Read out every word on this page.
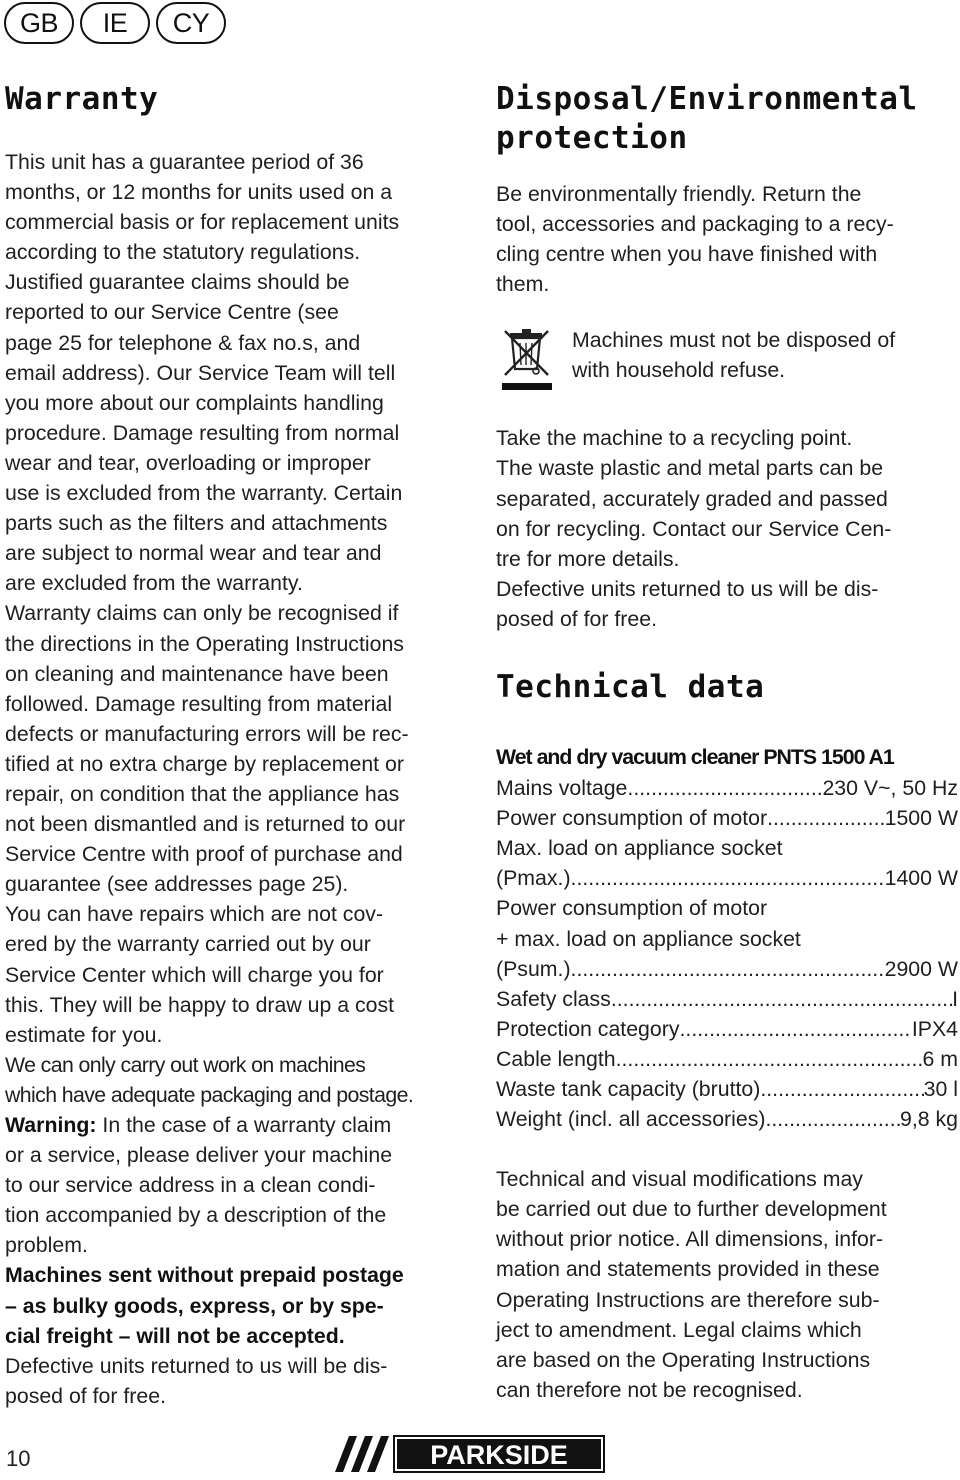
GB	IE	CY
Warranty
This unit has a guarantee period of 36
months, or 12 months for units used on a
commercial basis or for replacement units
according to the statutory regulations.
Justified guarantee claims should be
reported to our Service Centre (see
page 25 for telephone & fax no.s, and
email address). Our Service Team will tell
you more about our complaints handling
procedure. Damage resulting from normal
wear and tear, overloading or improper
use is excluded from the warranty. Certain
parts such as the filters and attachments
are subject to normal wear and tear and
are excluded from the warranty.
Warranty claims can only be recognised if
the directions in the Operating Instructions
on cleaning and maintenance have been
followed. Damage resulting from material
defects or manufacturing errors will be rec-
tified at no extra charge by replacement or
repair, on condition that the appliance has
not been dismantled and is returned to our
Service Centre with proof of purchase and
guarantee (see addresses page 25).
You can have repairs which are not cov-
ered by the warranty carried out by our
Service Center which will charge you for
this. They will be happy to draw up a cost
estimate for you.
We can only carry out work on machines
which have adequate packaging and postage.
Warning: In the case of a warranty claim
or a service, please deliver your machine
to our service address in a clean condi-
tion accompanied by a description of the
problem.
Machines sent without prepaid postage
– as bulky goods, express, or by spe-
cial freight – will not be accepted.
Defective units returned to us will be dis-
posed of for free.
Disposal/Environmental
protection
Be environmentally friendly. Return the
tool, accessories and packaging to a recy-
cling centre when you have finished with
them.
Machines must not be disposed of
with household refuse.
Take the machine to a recycling point.
The waste plastic and metal parts can be
separated, accurately graded and passed
on for recycling. Contact our Service Cen-
tre for more details.
Defective units returned to us will be dis-
posed of for free.
Technical data
Wet and dry vacuum cleaner PNTS 1500 A1
Mains voltage .....	230 V~, 50 Hz
Power consumption of motor .....	1500 W
Max. load on appliance socket
(Pmax.) .....	1400 W
Power consumption of motor
+ max. load on appliance socket
(Psum.) .....	2900 W
Safety class .....	I
Protection category .....	IPX4
Cable length .....	6 m
Waste tank capacity (brutto) .....	30 l
Weight (incl. all accessories) .....	9,8 kg
Technical and visual modifications may
be carried out due to further development
without prior notice. All dimensions, infor-
mation and statements provided in these
Operating Instructions are therefore sub-
ject to amendment. Legal claims which
are based on the Operating Instructions
can therefore not be recognised.
10	PARKSIDE
